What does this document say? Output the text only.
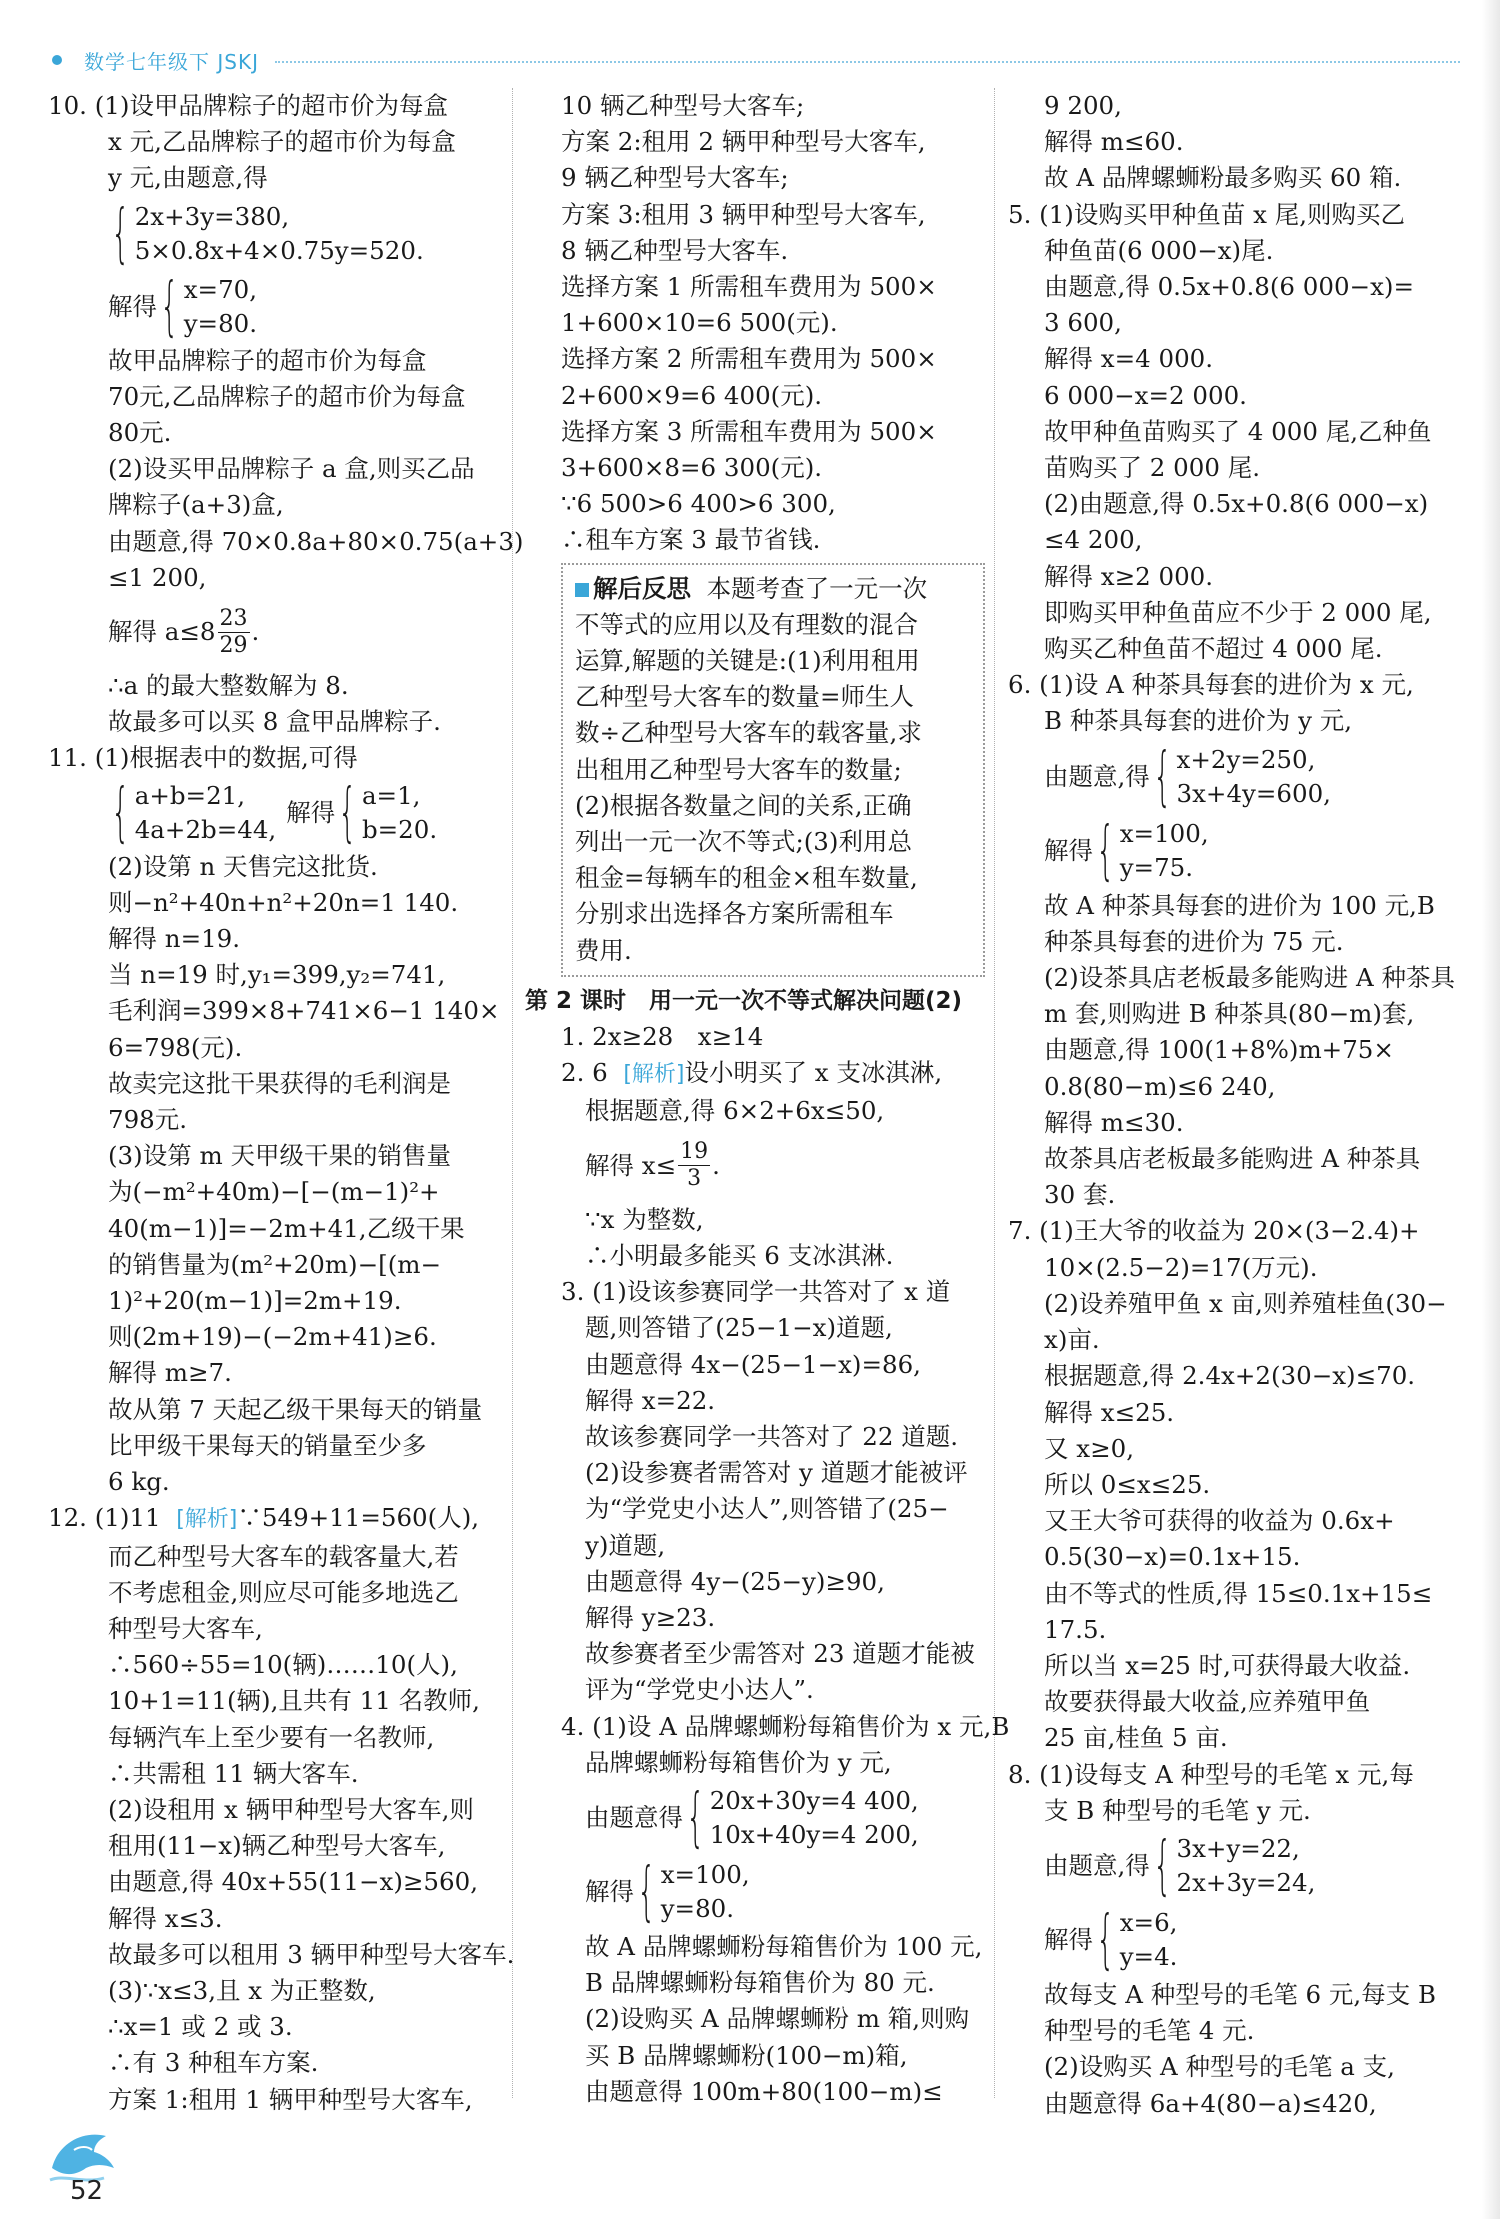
数学七年级下 JSKJ
10. (1)设甲品牌粽子的超市价为每盒
x 元,乙品牌粽子的超市价为每盒
y 元,由题意,得
{ 2x+3y=380,
5×0.8x+4×0.75y=520.
解得 { x=70,
y=80.
故甲品牌粽子的超市价为每盒
70元,乙品牌粽子的超市价为每盒
80元.
(2)设买甲品牌粽子 a 盒,则买乙品
牌粽子(a+3)盒,
由题意,得 70×0.8a+80×0.75(a+3)
≤1 200,
解得 $a\le 8 \frac{23}{29}$ .
∴a 的最大整数解为 8.
故最多可以买 8 盒甲品牌粽子.
11. (1)根据表中的数据,可得
{ a+b=21,
4a+2b=44,
解得 { a=1,
b=20.
(2)设第 n 天售完这批货.
则−n²+40n+n²+20n=1 140.
解得 n=19.
当 n=19 时,y₁=399,y₂=741,
毛利润=399×8+741×6−1 140×
6=798(元).
故卖完这批干果获得的毛利润是
798元.
(3)设第 m 天甲级干果的销售量
为(−m²+40m)−[−(m−1)²+
40(m−1)]=−2m+41,乙级干果
的销售量为(m²+20m)−[(m−
1)²+20(m−1)]=2m+19.
则(2m+19)−(−2m+41)≥6.
解得 m≥7.
故从第 7 天起乙级干果每天的销量
比甲级干果每天的销量至少多
6 kg.
12. (1)11 [解析]∵549+11=560(人),
而乙种型号大客车的载客量大,若
不考虑租金,则应尽可能多地选乙
种型号大客车,
∴560÷55=10(辆)……10(人),
10+1=11(辆),且共有 11 名教师,
每辆汽车上至少要有一名教师,
∴共需租 11 辆大客车.
(2)设租用 x 辆甲种型号大客车,则
租用(11−x)辆乙种型号大客车,
由题意,得 40x+55(11−x)≥560,
解得 x≤3.
故最多可以租用 3 辆甲种型号大客车.
(3)∵x≤3,且 x 为正整数,
∴x=1 或 2 或 3.
∴有 3 种租车方案.
方案 1:租用 1 辆甲种型号大客车,
10 辆乙种型号大客车;
方案 2:租用 2 辆甲种型号大客车,
9 辆乙种型号大客车;
方案 3:租用 3 辆甲种型号大客车,
8 辆乙种型号大客车.
选择方案 1 所需租车费用为 500×
1+600×10=6 500(元).
选择方案 2 所需租车费用为 500×
2+600×9=6 400(元).
选择方案 3 所需租车费用为 500×
3+600×8=6 300(元).
∵6 500>6 400>6 300,
∴租车方案 3 最节省钱.
解后反思 本题考查了一元一次
不等式的应用以及有理数的混合
运算,解题的关键是:(1)利用租用
乙种型号大客车的数量=师生人
数÷乙种型号大客车的载客量,求
出租用乙种型号大客车的数量;
(2)根据各数量之间的关系,正确
列出一元一次不等式;(3)利用总
租金=每辆车的租金×租车数量,
分别求出选择各方案所需租车
费用.
第 2 课时　用一元一次不等式解决问题(2)
1. 2x≥28　x≥14
2. 6 [解析]设小明买了 x 支冰淇淋,
根据题意,得 6×2+6x≤50,
解得 $x\le \frac{19}{3}$ .
∵x 为整数,
∴小明最多能买 6 支冰淇淋.
3. (1)设该参赛同学一共答对了 x 道
题,则答错了(25−1−x)道题,
由题意得 4x−(25−1−x)=86,
解得 x=22.
故该参赛同学一共答对了 22 道题.
(2)设参赛者需答对 y 道题才能被评
为“学党史小达人”,则答错了(25−
y)道题,
由题意得 4y−(25−y)≥90,
解得 y≥23.
故参赛者至少需答对 23 道题才能被
评为“学党史小达人”.
4. (1)设 A 品牌螺蛳粉每箱售价为 x 元,B
品牌螺蛳粉每箱售价为 y 元,
由题意得 { 20x+30y=4 400,
10x+40y=4 200,
解得 { x=100,
y=80.
故 A 品牌螺蛳粉每箱售价为 100 元,
B 品牌螺蛳粉每箱售价为 80 元.
(2)设购买 A 品牌螺蛳粉 m 箱,则购
买 B 品牌螺蛳粉(100−m)箱,
由题意得 100m+80(100−m)≤
9 200,
解得 m≤60.
故 A 品牌螺蛳粉最多购买 60 箱.
5. (1)设购买甲种鱼苗 x 尾,则购买乙
种鱼苗(6 000−x)尾.
由题意,得 0.5x+0.8(6 000−x)=
3 600,
解得 x=4 000.
6 000−x=2 000.
故甲种鱼苗购买了 4 000 尾,乙种鱼
苗购买了 2 000 尾.
(2)由题意,得 0.5x+0.8(6 000−x)
≤4 200,
解得 x≥2 000.
即购买甲种鱼苗应不少于 2 000 尾,
购买乙种鱼苗不超过 4 000 尾.
6. (1)设 A 种茶具每套的进价为 x 元,
B 种茶具每套的进价为 y 元,
由题意,得 { x+2y=250,
3x+4y=600,
解得 { x=100,
y=75.
故 A 种茶具每套的进价为 100 元,B
种茶具每套的进价为 75 元.
(2)设茶具店老板最多能购进 A 种茶具
m 套,则购进 B 种茶具(80−m)套,
由题意,得 100(1+8%)m+75×
0.8(80−m)≤6 240,
解得 m≤30.
故茶具店老板最多能购进 A 种茶具
30 套.
7. (1)王大爷的收益为 20×(3−2.4)+
10×(2.5−2)=17(万元).
(2)设养殖甲鱼 x 亩,则养殖桂鱼(30−
x)亩.
根据题意,得 2.4x+2(30−x)≤70.
解得 x≤25.
又 x≥0,
所以 0≤x≤25.
又王大爷可获得的收益为 0.6x+
0.5(30−x)=0.1x+15.
由不等式的性质,得 15≤0.1x+15≤
17.5.
所以当 x=25 时,可获得最大收益.
故要获得最大收益,应养殖甲鱼
25 亩,桂鱼 5 亩.
8. (1)设每支 A 种型号的毛笔 x 元,每
支 B 种型号的毛笔 y 元.
由题意,得 { 3x+y=22,
2x+3y=24,
解得 { x=6,
y=4.
故每支 A 种型号的毛笔 6 元,每支 B
种型号的毛笔 4 元.
(2)设购买 A 种型号的毛笔 a 支,
由题意得 6a+4(80−a)≤420,
52
